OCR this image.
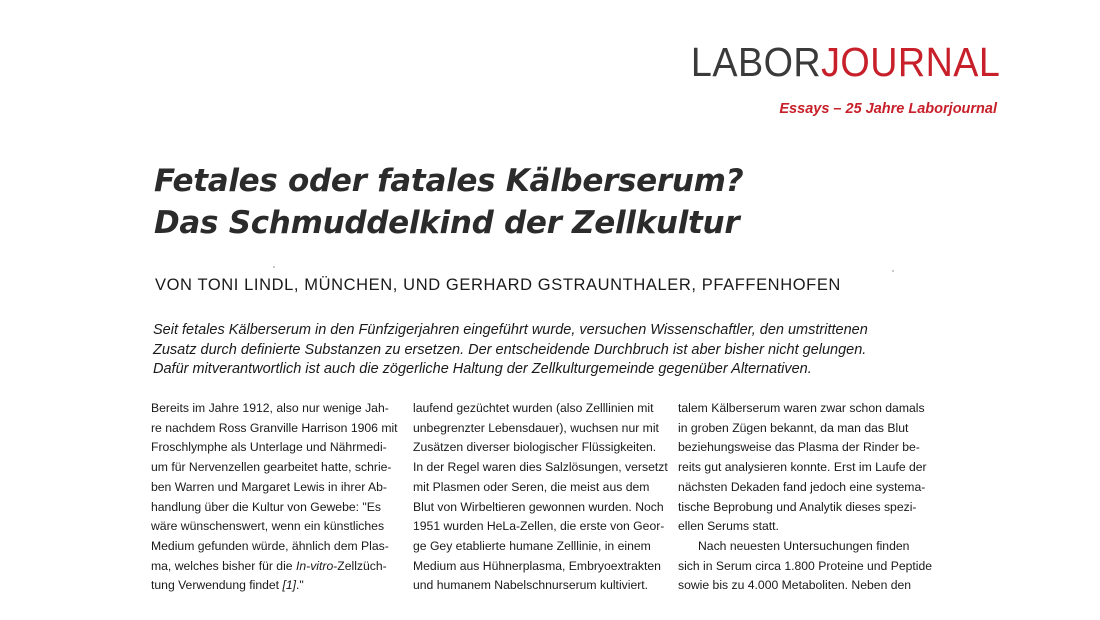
LABORJOURNAL
Essays – 25 Jahre Laborjournal
Fetales oder fatales Kälberserum?
Das Schmuddelkind der Zellkultur
VON TONI LINDL, MÜNCHEN, UND GERHARD GSTRAUNTHALER, PFAFFENHOFEN

Seit fetales Kälberserum in den Fünfzigerjahren eingeführt wurde, versuchen Wissenschaftler, den umstrittenen
Zusatz durch definierte Substanzen zu ersetzen. Der entscheidende Durchbruch ist aber bisher nicht gelungen.
Dafür mitverantwortlich ist auch die zögerliche Haltung der Zellkulturgemeinde gegenüber Alternativen.

Bereits im Jahre 1912, also nur wenige Jah-
re nachdem Ross Granville Harrison 1906 mit
Froschlymphe als Unterlage und Nährmedi-
um für Nervenzellen gearbeitet hatte, schrie-
ben Warren und Margaret Lewis in ihrer Ab-
handlung über die Kultur von Gewebe: "Es
wäre wünschenswert, wenn ein künstliches
Medium gefunden würde, ähnlich dem Plas-
ma, welches bisher für die In-vitro-Zellzüch-
tung Verwendung findet [1]."
laufend gezüchtet wurden (also Zelllinien mit
unbegrenzter Lebensdauer), wuchsen nur mit
Zusätzen diverser biologischer Flüssigkeiten.
In der Regel waren dies Salzlösungen, versetzt
mit Plasmen oder Seren, die meist aus dem
Blut von Wirbeltieren gewonnen wurden. Noch
1951 wurden HeLa-Zellen, die erste von Geor-
ge Gey etablierte humane Zelllinie, in einem
Medium aus Hühnerplasma, Embryoextrakten
und humanem Nabelschnurserum kultiviert.
talem Kälberserum waren zwar schon damals
in groben Zügen bekannt, da man das Blut
beziehungsweise das Plasma der Rinder be-
reits gut analysieren konnte. Erst im Laufe der
nächsten Dekaden fand jedoch eine systema-
tische Beprobung und Analytik dieses spezi-
ellen Serums statt.
Nach neuesten Untersuchungen finden
sich in Serum circa 1.800 Proteine und Peptide
sowie bis zu 4.000 Metaboliten. Neben den
